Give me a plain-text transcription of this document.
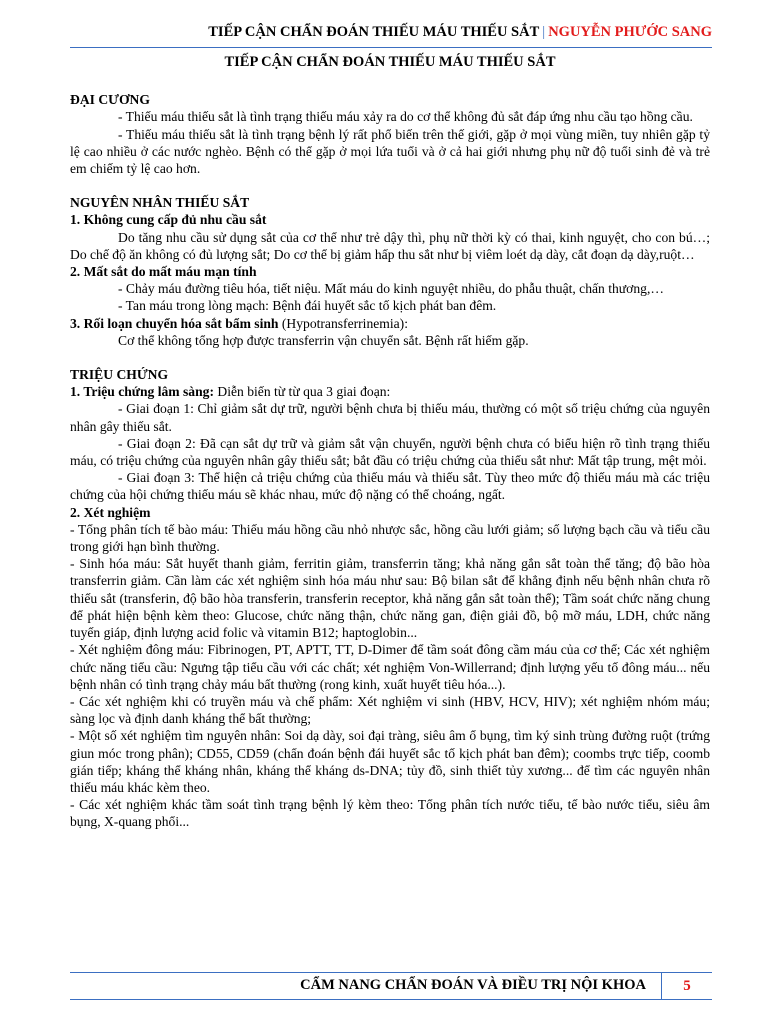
TIẾP CẬN CHẨN ĐOÁN THIẾU MÁU THIẾU SẮT | NGUYỄN PHƯỚC SANG
TIẾP CẬN CHẨN ĐOÁN THIẾU MÁU THIẾU SẮT
ĐẠI CƯƠNG
- Thiếu máu thiếu sắt là tình trạng thiếu máu xảy ra do cơ thể không đủ sắt đáp ứng nhu cầu tạo hồng cầu.
- Thiếu máu thiếu sắt là tình trạng bệnh lý rất phổ biến trên thế giới, gặp ở mọi vùng miền, tuy nhiên gặp tỷ lệ cao nhiều ở các nước nghèo. Bệnh có thể gặp ở mọi lứa tuổi và ở cả hai giới nhưng phụ nữ độ tuổi sinh đẻ và trẻ em chiếm tỷ lệ cao hơn.
NGUYÊN NHÂN THIẾU SẮT
1. Không cung cấp đủ nhu cầu sắt
Do tăng nhu cầu sử dụng sắt của cơ thể như trẻ dậy thì, phụ nữ thời kỳ có thai, kinh nguyệt, cho con bú…; Do chế độ ăn không có đủ lượng sắt; Do cơ thể bị giảm hấp thu sắt như bị viêm loét dạ dày, cắt đoạn dạ dày,ruột…
2. Mất sắt do mất máu mạn tính
- Chảy máu đường tiêu hóa, tiết niệu. Mất máu do kinh nguyệt nhiều, do phẫu thuật, chấn thương,…
- Tan máu trong lòng mạch: Bệnh đái huyết sắc tố kịch phát ban đêm.
3. Rối loạn chuyển hóa sắt bẩm sinh (Hypotransferrinemia):
Cơ thể không tổng hợp được transferrin vận chuyển sắt. Bệnh rất hiếm gặp.
TRIỆU CHỨNG
1. Triệu chứng lâm sàng: Diễn biến từ từ qua 3 giai đoạn:
- Giai đoạn 1: Chỉ giảm sắt dự trữ, người bệnh chưa bị thiếu máu, thường có một số triệu chứng của nguyên nhân gây thiếu sắt.
- Giai đoạn 2: Đã cạn sắt dự trữ và giảm sắt vận chuyển, người bệnh chưa có biểu hiện rõ tình trạng thiếu máu, có triệu chứng của nguyên nhân gây thiếu sắt; bắt đầu có triệu chứng của thiếu sắt như: Mất tập trung, mệt mỏi.
- Giai đoạn 3: Thể hiện cả triệu chứng của thiếu máu và thiếu sắt. Tùy theo mức độ thiếu máu mà các triệu chứng của hội chứng thiếu máu sẽ khác nhau, mức độ nặng có thể choáng, ngất.
2. Xét nghiệm
- Tổng phân tích tế bào máu: Thiếu máu hồng cầu nhỏ nhược sắc, hồng cầu lưới giảm; số lượng bạch cầu và tiểu cầu trong giới hạn bình thường.
- Sinh hóa máu: Sắt huyết thanh giảm, ferritin giảm, transferrin tăng; khả năng gắn sắt toàn thể tăng; độ bão hòa transferrin giảm. Cần làm các xét nghiệm sinh hóa máu như sau: Bộ bilan sắt để khẳng định nếu bệnh nhân chưa rõ thiếu sắt (transferin, độ bão hòa transferin, transferin receptor, khả năng gắn sắt toàn thể); Tầm soát chức năng chung để phát hiện bệnh kèm theo: Glucose, chức năng thận, chức năng gan, điện giải đồ, bộ mỡ máu, LDH, chức năng tuyến giáp, định lượng acid folic và vitamin B12; haptoglobin...
- Xét nghiệm đông máu: Fibrinogen, PT, APTT, TT, D-Dimer để tầm soát đông cầm máu của cơ thể; Các xét nghiệm chức năng tiểu cầu: Ngưng tập tiểu cầu với các chất; xét nghiệm Von-Willerrand; định lượng yếu tố đông máu... nếu bệnh nhân có tình trạng chảy máu bất thường (rong kinh, xuất huyết tiêu hóa...).
- Các xét nghiệm khi có truyền máu và chế phẩm: Xét nghiệm vi sinh (HBV, HCV, HIV); xét nghiệm nhóm máu; sàng lọc và định danh kháng thể bất thường;
- Một số xét nghiệm tìm nguyên nhân: Soi dạ dày, soi đại tràng, siêu âm ổ bụng, tìm ký sinh trùng đường ruột (trứng giun móc trong phân); CD55, CD59 (chẩn đoán bệnh đái huyết sắc tố kịch phát ban đêm); coombs trực tiếp, coomb gián tiếp; kháng thể kháng nhân, kháng thể kháng ds-DNA; tủy đồ, sinh thiết tủy xương... để tìm các nguyên nhân thiếu máu khác kèm theo.
- Các xét nghiệm khác tầm soát tình trạng bệnh lý kèm theo: Tổng phân tích nước tiểu, tế bào nước tiểu, siêu âm bụng, X-quang phổi...
CẨM NANG CHẨN ĐOÁN VÀ ĐIỀU TRỊ NỘI KHOA	5
